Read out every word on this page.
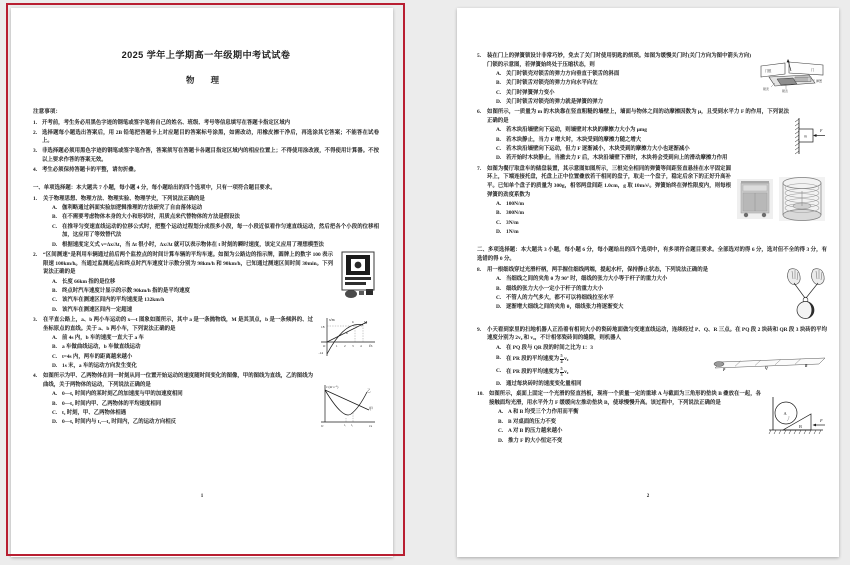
2025 学年上学期高一年级期中考试试卷
物 理
注意事项：
1. 开考前，考生务必用黑色字迹的钢笔或签字笔将自己的姓名、班级、考号等信息填写在答题卡指定区域内
2. 选择题每小题选出答案后，用 2B 铅笔把答题卡上对应题目的答案标号涂黑，如需改动，用橡皮擦干净后，再选涂其它答案；不能答在试卷上。
3. 非选择题必须用黑色字迹的钢笔或签字笔作答，答案须写在答题卡各题目指定区域内的相应位置上；不得使用涂改液，不得使用计算器。不按以上要求作答的答案无效。
4. 考生必须保持答题卡的平整，请勿折叠。
一、单项选择题：本大题共 7 小题，每小题 4 分，每小题给出的四个选项中，只有一项符合题目要求。
1. 关于物理思想、物理方法、物理实验、物理学史，下列说法正确的是
A. 伽利略通过斜面实验加逻辑推理的方法研究了自由落体运动
B. 在不需要考虑物体本身的大小和形状时，用质点来代替物体的方法是假设法
C. 在推导匀变速直线运动的位移公式时，把整个运动过程划分成很多小段，每一小段近似看作匀速直线运动，然后把各个小段的位移相加，这应用了等效替代法
D. 根据速度定义式 v=Δx/Δt，当 Δt 很小时，Δx/Δt 就可以表示物体在 t 时刻的瞬时速度，该定义应用了理想模型法
2. “区间测速”是利用车辆通过前后两个监控点的时间计算车辆的平均车速。如图为公路边的指示牌，圆牌上的数字 100 表示限速 100km/h。当通过监测起点和终点时汽车速度计示数分别为 98km/h 和 90km/h，已知通过测速区间时间 30min。下列说法正确的是
A. 长度 66km 指的是位移
B. 终点时汽车速度计显示的示数 90km/h 指的是平均速度
C. 该汽车在测速区间内的平均速度是 132km/h
D. 该汽车在测速区间内一定超速
3.	x/m
t/s
18
-14
O	1 2 3 4
M
b
a
在平直公路上，a、b 两小车运动的 x—t 图象如图所示，其中 a 是一条抛物线，M 是其顶点，b 是一条倾斜的、过坐标原点的直线。关于 a、b 两小车，下列说法正确的是
A. 前 4s 内，b 车的速度一直大于 a 车
B. a 车做曲线运动，b 车做直线运动
C. t=4s 内，两车的距离越来越小
D. 1s 末，a 车的运动方向发生变化
4.
v (m·s⁻¹)
t/s
O	t₁ t₂
乙
甲
如图所示为甲、乙两物体在同一时刻从同一位置开始运动的速度随时间变化的图像，甲的图线为直线，乙的图线为曲线，关于两物体的运动，下列说法正确的是
A. 0—t₁ 时间内的某时刻乙的加速度与甲的加速度相同
B. 0—t₂ 时间内甲、乙两物体的平均速度相同
C. t₂ 时刻，甲、乙两物体相遇
D. 0—t₁ 时间内与 t₁—t₂ 时间内，乙的运动方向相反
1
5.
门框	门
锁壳	锁舌
弹簧
装在门上的弹簧锁设计非常巧妙，免去了关门时使用钥匙的烦琐。如图为缓慢关门时(关门方向为图中箭头方向)门锁的示意图，若弹簧始终处于压缩状态，则
A. 关门时锁壳对锁舌的弹力方向垂直于锁舌的斜面
B. 关门时锁舌对锁壳的弹力方向水平向左
C. 关门时弹簧弹力变小
D. 关门时锁舌对锁壳的弹力就是弹簧的弹力
6.
m
F
如图所示，一质量为 m 的木块靠在竖直粗糙的墙壁上，墙面与物体之间的动摩擦因数为 μ，且受到水平力 F 的作用，下列说法正确的是
A. 若木块沿墙壁向下运动，则墙壁对木块的摩擦力大小为 μmg
B. 若木块静止，当力 F 增大时，木块受到的摩擦力随之增大
C. 若木块沿墙壁向下运动，但力 F 逐渐减小，木块受到的摩擦力大小也逐渐减小
D. 若开始时木块静止，当撤去力 F 后，木块沿墙壁下滑时，木块将会受到向上的滑动摩擦力作用
7. 如图为餐厅取盘车的储盘装置，其示意图如图所示，三根完全相同的弹簧等间距竖直悬挂在水平固定圆环上，下端连接托盘，托盘上正中位置叠放若干相同的盘子，取走一个盘子，稳定后余下的正好升高补平。已知单个盘子的质量为 300g，相邻两盘间距 1.0cm，g 取 10m/s²。弹簧始终在弹性限度内，则每根弹簧的劲度系数为
A. 100N/m
B. 300N/m
C. 3N/m
D. 1N/m
二、多项选择题：本大题共 3 小题，每小题 6 分，每小题给出的四个选项中，有多项符合题目要求。全部选对的得 6 分，选对但不全的得 3 分，有选错的得 0 分。
8. 用一根细线穿过光滑杆柄，两手握住细线两端，提起水杆，保持静止状态，下列说法正确的是
A. 当细线之间的夹角 θ 为 90° 时，细线的张力大小等于杆子的重力大小
B. 细线的张力大小一定小于杆子的重力大小
C. 不管人的力气多大，都不可以将细线拉至水平
D. 逐渐增大细线之间的夹角 θ，细线张力将逐渐变大
9. 小天看到家里的扫地机器人正沿着有相同大小的瓷砖地面做匀变速直线运动，连续经过 P、Q、R 三点。在 PQ 段 2 块砖和 QR 段 3 块砖的平均速度分别为 2v₀ 和 v₀，不计相邻瓷砖间的缝隙，则机器人
A. 在 PQ 段与 QR 段的时间之比为 1：3
P	Q	R
B. 在 PR 段的平均速度为 $\frac{5}{4} v_0$
C. 在 PR 段的平均速度为 $\frac{5}{3} v_0$
D. 通过每块砖时的速度变化量相同
10.
A
B
F
如图所示，桌面上固定一个光滑的竖直挡板，现将一个质量一定的重球 A 与截面为三角形的垫块 B 叠放在一起，各接触面均光滑，用水平外力 F 缓缓向左推动垫块 B，使球慢慢升高。该过程中，下列说法正确的是
A. A 和 B 均受三个力作用而平衡
B. B 对桌面的压力不变
C. A 对 B 的压力越来越小
D. 推力 F 的大小恒定不变
2
